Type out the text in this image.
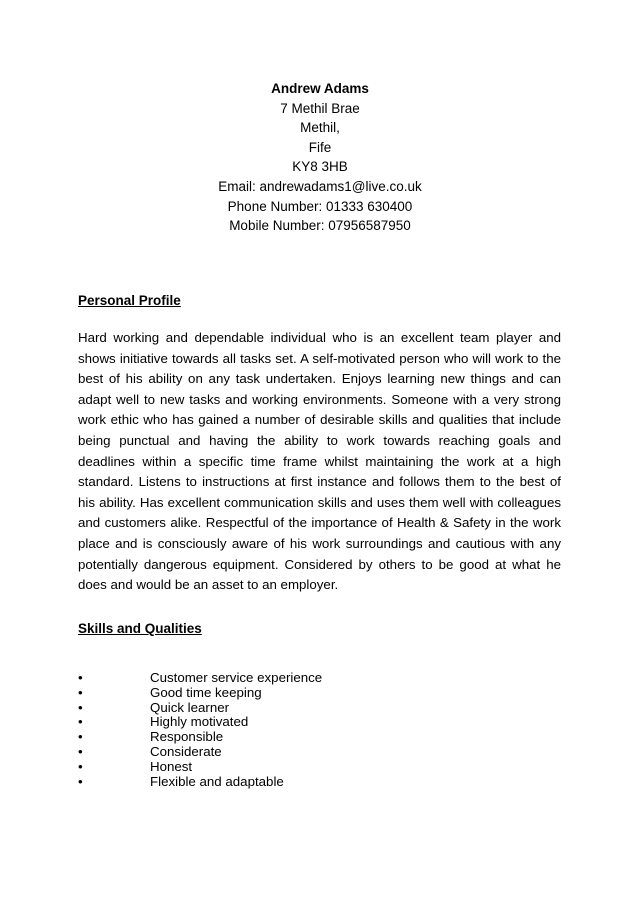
Andrew Adams
7 Methil Brae
Methil,
Fife
KY8 3HB
Email: andrewadams1@live.co.uk
Phone Number: 01333 630400
Mobile Number: 07956587950
Personal Profile
Hard working and dependable individual who is an excellent team player and shows initiative towards all tasks set. A self-motivated person who will work to the best of his ability on any task undertaken. Enjoys learning new things and can adapt well to new tasks and working environments. Someone with a very strong work ethic who has gained a number of desirable skills and qualities that include being punctual and having the ability to work towards reaching goals and deadlines within a specific time frame whilst maintaining the work at a high standard. Listens to instructions at first instance and follows them to the best of his ability. Has excellent communication skills and uses them well with colleagues and customers alike. Respectful of the importance of Health & Safety in the work place and is consciously aware of his work surroundings and cautious with any potentially dangerous equipment. Considered by others to be good at what he does and would be an asset to an employer.
Skills and Qualities
•	Customer service experience
•	Good time keeping
•	Quick learner
•	Highly motivated
•	Responsible
•	Considerate
•	Honest
•	Flexible and adaptable
